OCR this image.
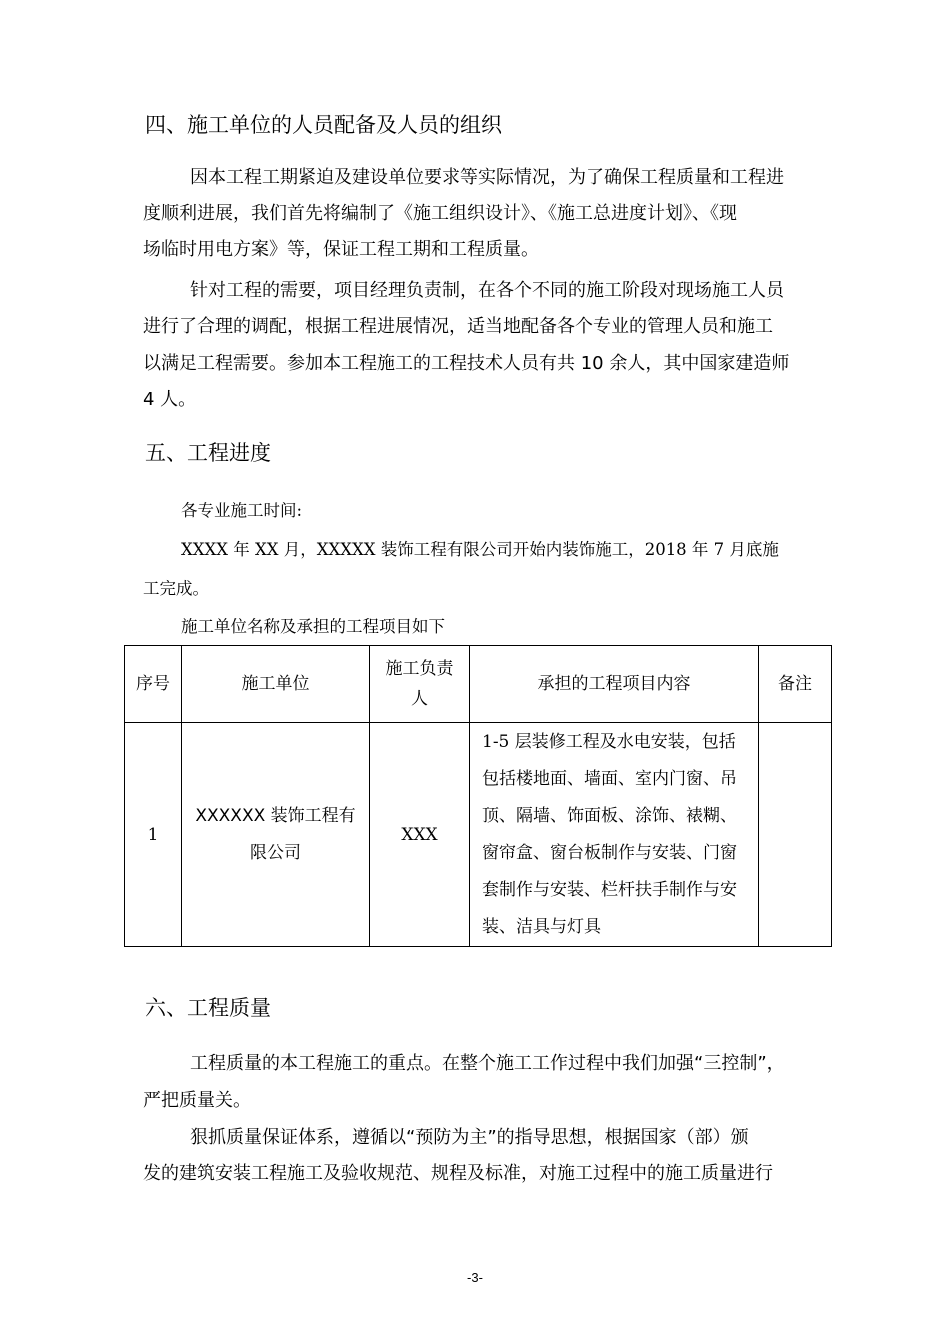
四、施工单位的人员配备及人员的组织
因本工程工期紧迫及建设单位要求等实际情况，为了确保工程质量和工程进
度顺利进展，我们首先将编制了《施工组织设计》、《施工总进度计划》、《现
场临时用电方案》等，保证工程工期和工程质量。
针对工程的需要，项目经理负责制，在各个不同的施工阶段对现场施工人员
进行了合理的调配，根据工程进展情况，适当地配备各个专业的管理人员和施工
以满足工程需要。参加本工程施工的工程技术人员有共 10 余人，其中国家建造师
4 人。
五、工程进度
各专业施工时间:
XXXX 年 XX 月，XXXXX 装饰工程有限公司开始内装饰施工，2018 年 7 月底施
工完成。
施工单位名称及承担的工程项目如下
序号	施工单位	施工负责人	承担的工程项目内容	备注
1	XXXXXX 装饰工程有限公司	XXX	1-5 层装修工程及水电安装，包括包括楼地面、墙面、室内门窗、吊顶、隔墙、饰面板、涂饰、裱糊、窗帘盒、窗台板制作与安装、门窗套制作与安装、栏杆扶手制作与安装、洁具与灯具	
六、工程质量
工程质量的本工程施工的重点。在整个施工工作过程中我们加强“三控制”，
严把质量关。
狠抓质量保证体系，遵循以“预防为主”的指导思想，根据国家（部）颁
发的建筑安装工程施工及验收规范、规程及标准，对施工过程中的施工质量进行
-3-
